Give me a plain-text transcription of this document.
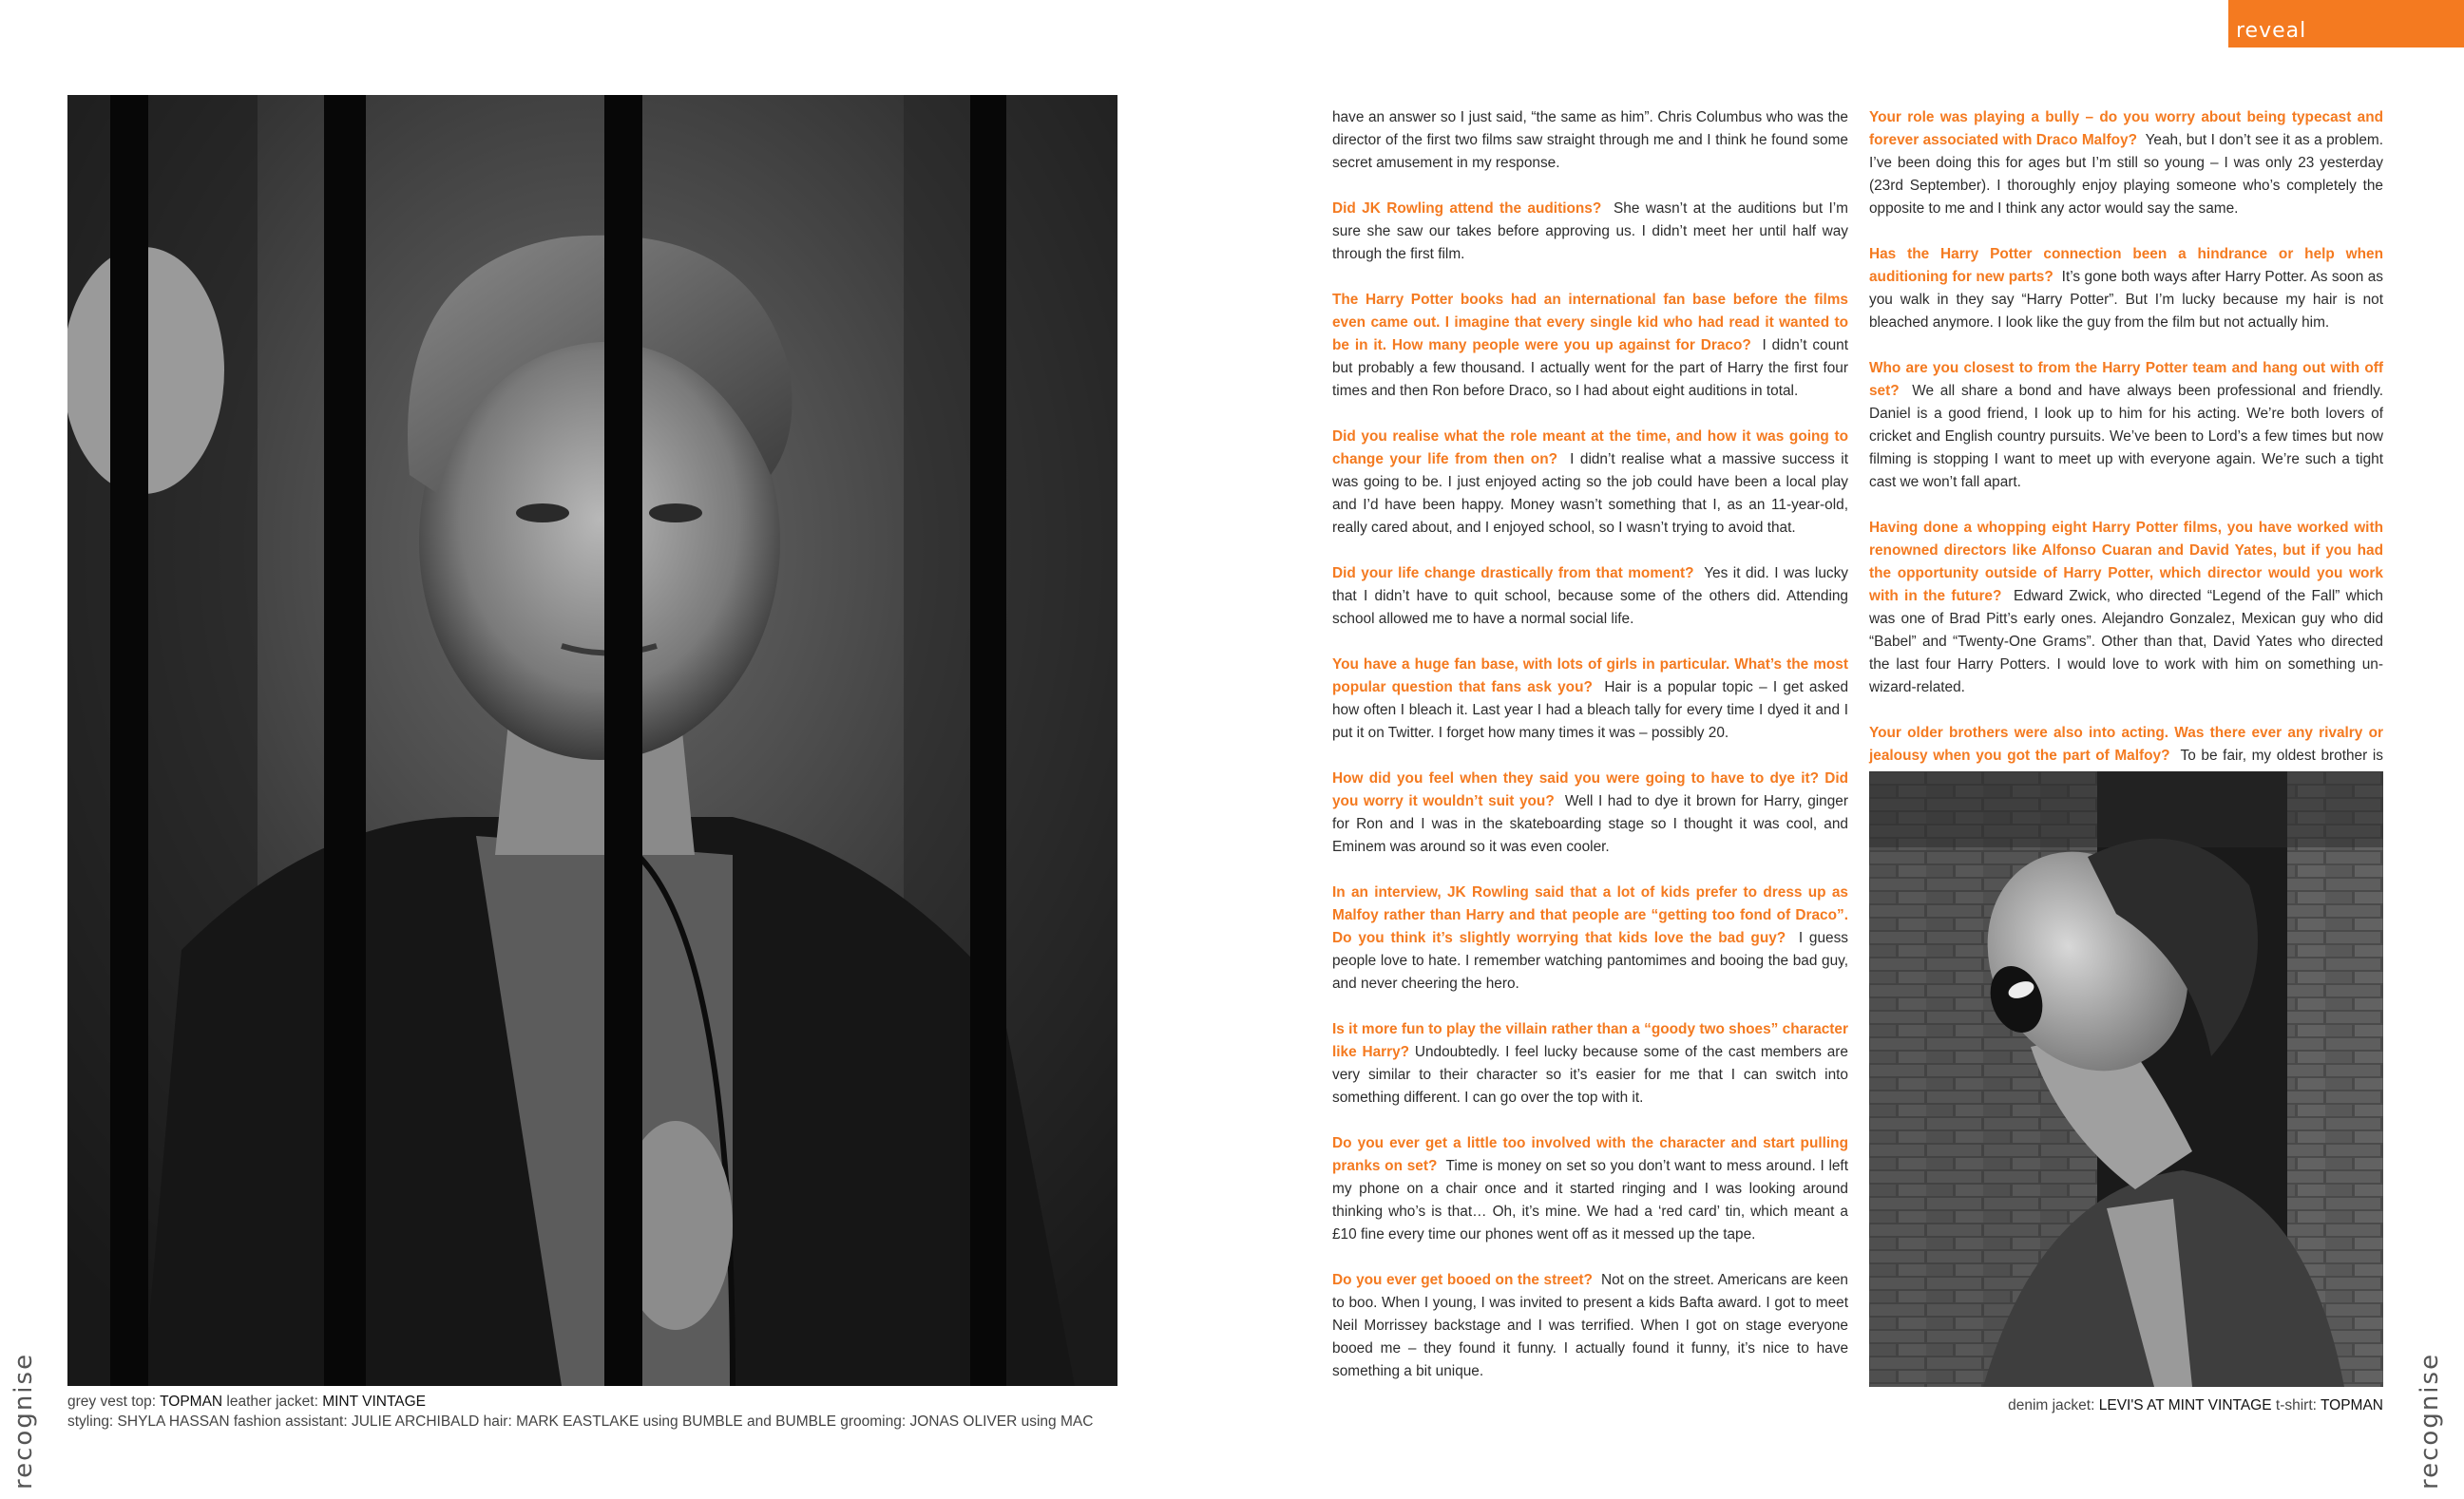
reveal
recognise	recognise
grey vest top: TOPMAN leather jacket: MINT VINTAGE
styling: SHYLA HASSAN fashion assistant: JULIE ARCHIBALD hair: MARK EASTLAKE using BUMBLE and BUMBLE grooming: JONAS OLIVER using MAC

have an answer so I just said, “the same as him”. Chris Columbus who was the director of the first two films saw straight through me and I think he found some secret amusement in my response.

Did JK Rowling attend the auditions? She wasn’t at the auditions but I’m sure she saw our takes before approving us. I didn’t meet her until half way through the first film.

The Harry Potter books had an international fan base before the films even came out. I imagine that every single kid who had read it wanted to be in it. How many people were you up against for Draco? I didn’t count but probably a few thousand. I actually went for the part of Harry the first four times and then Ron before Draco, so I had about eight auditions in total.

Did you realise what the role meant at the time, and how it was going to change your life from then on? I didn’t realise what a massive success it was going to be. I just enjoyed acting so the job could have been a local play and I’d have been happy. Money wasn’t something that I, as an 11-year-old, really cared about, and I enjoyed school, so I wasn’t trying to avoid that.

Did your life change drastically from that moment? Yes it did. I was lucky that I didn’t have to quit school, because some of the others did. Attending school allowed me to have a normal social life.

You have a huge fan base, with lots of girls in particular. What’s the most popular question that fans ask you? Hair is a popular topic – I get asked how often I bleach it. Last year I had a bleach tally for every time I dyed it and I put it on Twitter. I forget how many times it was – possibly 20.

How did you feel when they said you were going to have to dye it? Did you worry it wouldn’t suit you? Well I had to dye it brown for Harry, ginger for Ron and I was in the skateboarding stage so I thought it was cool, and Eminem was around so it was even cooler.

In an interview, JK Rowling said that a lot of kids prefer to dress up as Malfoy rather than Harry and that people are “getting too fond of Draco”. Do you think it’s slightly worrying that kids love the bad guy? I guess people love to hate. I remember watching pantomimes and booing the bad guy, and never cheering the hero.

Is it more fun to play the villain rather than a “goody two shoes” character like Harry? Undoubtedly. I feel lucky because some of the cast members are very similar to their character so it’s easier for me that I can switch into something different. I can go over the top with it.

Do you ever get a little too involved with the character and start pulling pranks on set? Time is money on set so you don’t want to mess around. I left my phone on a chair once and it started ringing and I was looking around thinking who’s is that… Oh, it’s mine. We had a ‘red card’ tin, which meant a £10 fine every time our phones went off as it messed up the tape.

Do you ever get booed on the street? Not on the street. Americans are keen to boo. When I young, I was invited to present a kids Bafta award. I got to meet Neil Morrissey backstage and I was terrified. When I got on stage everyone booed me – they found it funny. I actually found it funny, it’s nice to have something a bit unique.

Your role was playing a bully – do you worry about being typecast and forever associated with Draco Malfoy? Yeah, but I don’t see it as a problem. I’ve been doing this for ages but I’m still so young – I was only 23 yesterday (23rd September). I thoroughly enjoy playing someone who’s completely the opposite to me and I think any actor would say the same.

Has the Harry Potter connection been a hindrance or help when auditioning for new parts? It’s gone both ways after Harry Potter. As soon as you walk in they say “Harry Potter”. But I’m lucky because my hair is not bleached anymore. I look like the guy from the film but not actually him.

Who are you closest to from the Harry Potter team and hang out with off set? We all share a bond and have always been professional and friendly. Daniel is a good friend, I look up to him for his acting. We’re both lovers of cricket and English country pursuits. We’ve been to Lord’s a few times but now filming is stopping I want to meet up with everyone again. We’re such a tight cast we won’t fall apart.

Having done a whopping eight Harry Potter films, you have worked with renowned directors like Alfonso Cuaran and David Yates, but if you had the opportunity outside of Harry Potter, which director would you work with in the future? Edward Zwick, who directed “Legend of the Fall” which was one of Brad Pitt’s early ones. Alejandro Gonzalez, Mexican guy who did “Babel” and “Twenty-One Grams”. Other than that, David Yates who directed the last four Harry Potters. I would love to work with him on something un-wizard-related.

Your older brothers were also into acting. Was there ever any rivalry or jealousy when you got the part of Malfoy? To be fair, my oldest brother is

denim jacket: LEVI'S AT MINT VINTAGE t-shirt: TOPMAN
